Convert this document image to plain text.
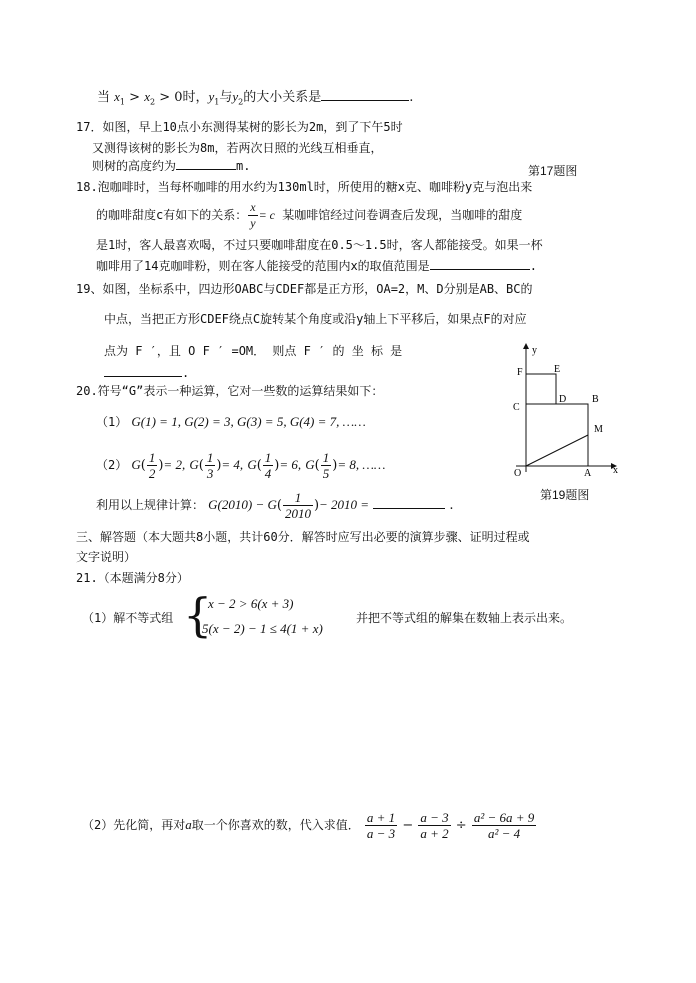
当 $x_1 > x_2 > 0$时，$y_1$与$y_2$的大小关系是	.
17．如图，早上10点小东测得某树的影长为2m，到了下午5时
又测得该树的影长为8m，若两次日照的光线互相垂直，
则树的高度约为	m.	第17题图
18.泡咖啡时，当每杯咖啡的用水约为130ml时，所使用的糖x克、咖啡粉y克与泡出来
的咖啡甜度c有如下的关系： $\frac{x}{y} = c$ 某咖啡馆经过问卷调查后发现，当咖啡的甜度
是1时，客人最喜欢喝，不过只要咖啡甜度在0.5～1.5时，客人都能接受。如果一杯
咖啡用了14克咖啡粉，则在客人能接受的范围内x的取值范围是	.
19、如图，坐标系中，四边形OABC与CDEF都是正方形，OA=2，M、D分别是AB、BC的
中点，当把正方形CDEF绕点C旋转某个角度或沿y轴上下平移后，如果点F的对应
点为 F ′，且 O F ′ =OM． 则点 F ′ 的 坐 标 是
.
y
x
O	A
B
C
D
E
F
M
第19题图
20.符号“G”表示一种运算，它对一些数的运算结果如下：
（1） G(1) = 1, G(2) = 3, G(3) = 5, G(4) = 7, ……
（2） $G( \frac{1}{2}$ )= 2, $G( \frac{1}{3}$ )= 4, $G( \frac{1}{4}$ )= 6, $G( \frac{1}{5}$ )= 8, ……
利用以上规律计算： $G(2010) - G( \frac{1}{2010}$ )− 2010 =	.
三、解答题（本大题共8小题，共计60分．解答时应写出必要的演算步骤、证明过程或
文字说明）
21.（本题满分8分）
（1）解不等式组 {
x − 2 > 6(x + 3)
5(x − 2) − 1 ≤ 4(1 + x)
并把不等式组的解集在数轴上表示出来。
（2）先化简，再对a取一个你喜欢的数，代入求值． $\frac{a + 1}{a - 3} - \frac{a - 3}{a + 2} \div \frac{\text{a² − 6a + 9}}{\text{a² − 4}}$
